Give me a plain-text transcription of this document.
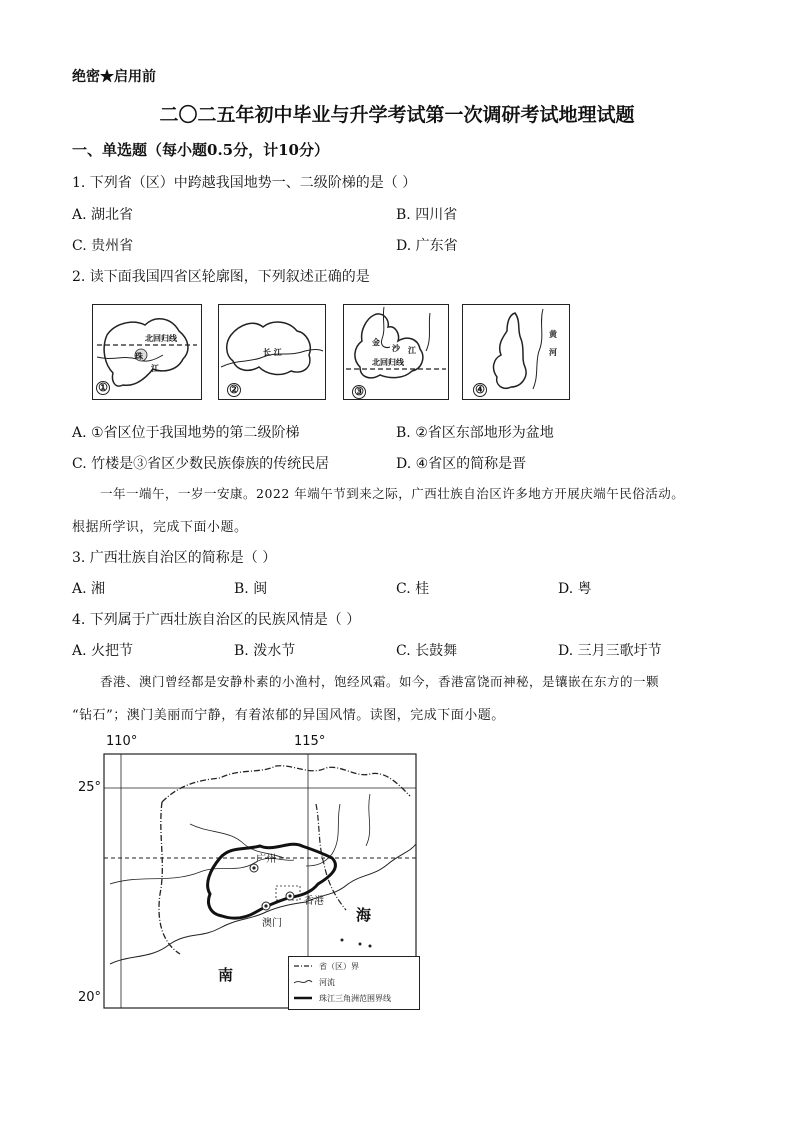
绝密★启用前
二〇二五年初中毕业与升学考试第一次调研考试地理试题
一、单选题（每小题0.5分，计10分）
1. 下列省（区）中跨越我国地势一、二级阶梯的是（ ）
A. 湖北省	B. 四川省
C. 贵州省	D. 广东省
2. 读下面我国四省区轮廓图，下列叙述正确的是
北回归线
珠
江
①
长 江
②
金
沙 江
北回归线
③
黄
河
④
A. ①省区位于我国地势的第二级阶梯	B. ②省区东部地形为盆地
C. 竹楼是③省区少数民族傣族的传统民居	D. ④省区的简称是晋
一年一端午，一岁一安康。2022 年端午节到来之际，广西壮族自治区许多地方开展庆端午民俗活动。
根据所学识，完成下面小题。
3. 广西壮族自治区的简称是（ ）
A. 湘	B. 闽	C. 桂	D. 粤
4. 下列属于广西壮族自治区的民族风情是（ ）
A. 火把节	B. 泼水节	C. 长鼓舞	D. 三月三歌圩节
香港、澳门曾经都是安静朴素的小渔村，饱经风霜。如今，香港富饶而神秘，是镶嵌在东方的一颗
“钻石”；澳门美丽而宁静，有着浓郁的异国风情。读图，完成下面小题。
110°	115°
25°
20°
广州
香港
澳门	海
南	省（区）界
河流
珠江三角洲范围界线
